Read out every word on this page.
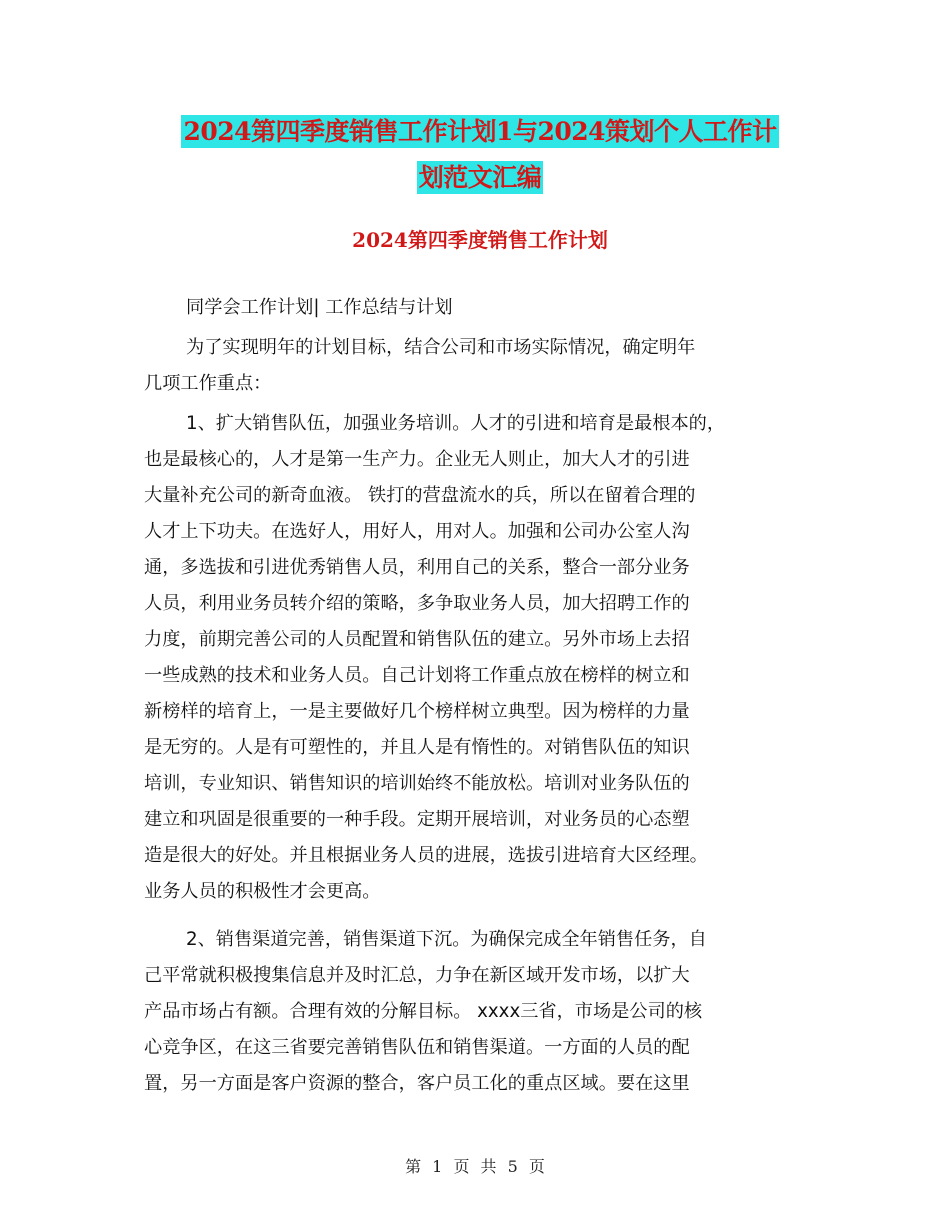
2024第四季度销售工作计划1与2024策划个人工作计
划范文汇编
2024第四季度销售工作计划
同学会工作计划| 工作总结与计划
为了实现明年的计划目标，结合公司和市场实际情况，确定明年
几项工作重点：
1、扩大销售队伍，加强业务培训。人才的引进和培育是最根本的，
也是最核心的，人才是第一生产力。企业无人则止，加大人才的引进
大量补充公司的新奇血液。 铁打的营盘流水的兵，所以在留着合理的
人才上下功夫。在选好人，用好人，用对人。加强和公司办公室人沟
通，多选拔和引进优秀销售人员，利用自己的关系，整合一部分业务
人员，利用业务员转介绍的策略，多争取业务人员，加大招聘工作的
力度，前期完善公司的人员配置和销售队伍的建立。另外市场上去招
一些成熟的技术和业务人员。自己计划将工作重点放在榜样的树立和
新榜样的培育上，一是主要做好几个榜样树立典型。因为榜样的力量
是无穷的。人是有可塑性的，并且人是有惰性的。对销售队伍的知识
培训，专业知识、销售知识的培训始终不能放松。培训对业务队伍的
建立和巩固是很重要的一种手段。定期开展培训，对业务员的心态塑
造是很大的好处。并且根据业务人员的进展，选拔引进培育大区经理。
业务人员的积极性才会更高。
2、销售渠道完善，销售渠道下沉。为确保完成全年销售任务，自
己平常就积极搜集信息并及时汇总，力争在新区域开发市场，以扩大
产品市场占有额。合理有效的分解目标。 xxxx三省，市场是公司的核
心竞争区，在这三省要完善销售队伍和销售渠道。一方面的人员的配
置，另一方面是客户资源的整合，客户员工化的重点区域。要在这里
第 1 页 共 5 页
